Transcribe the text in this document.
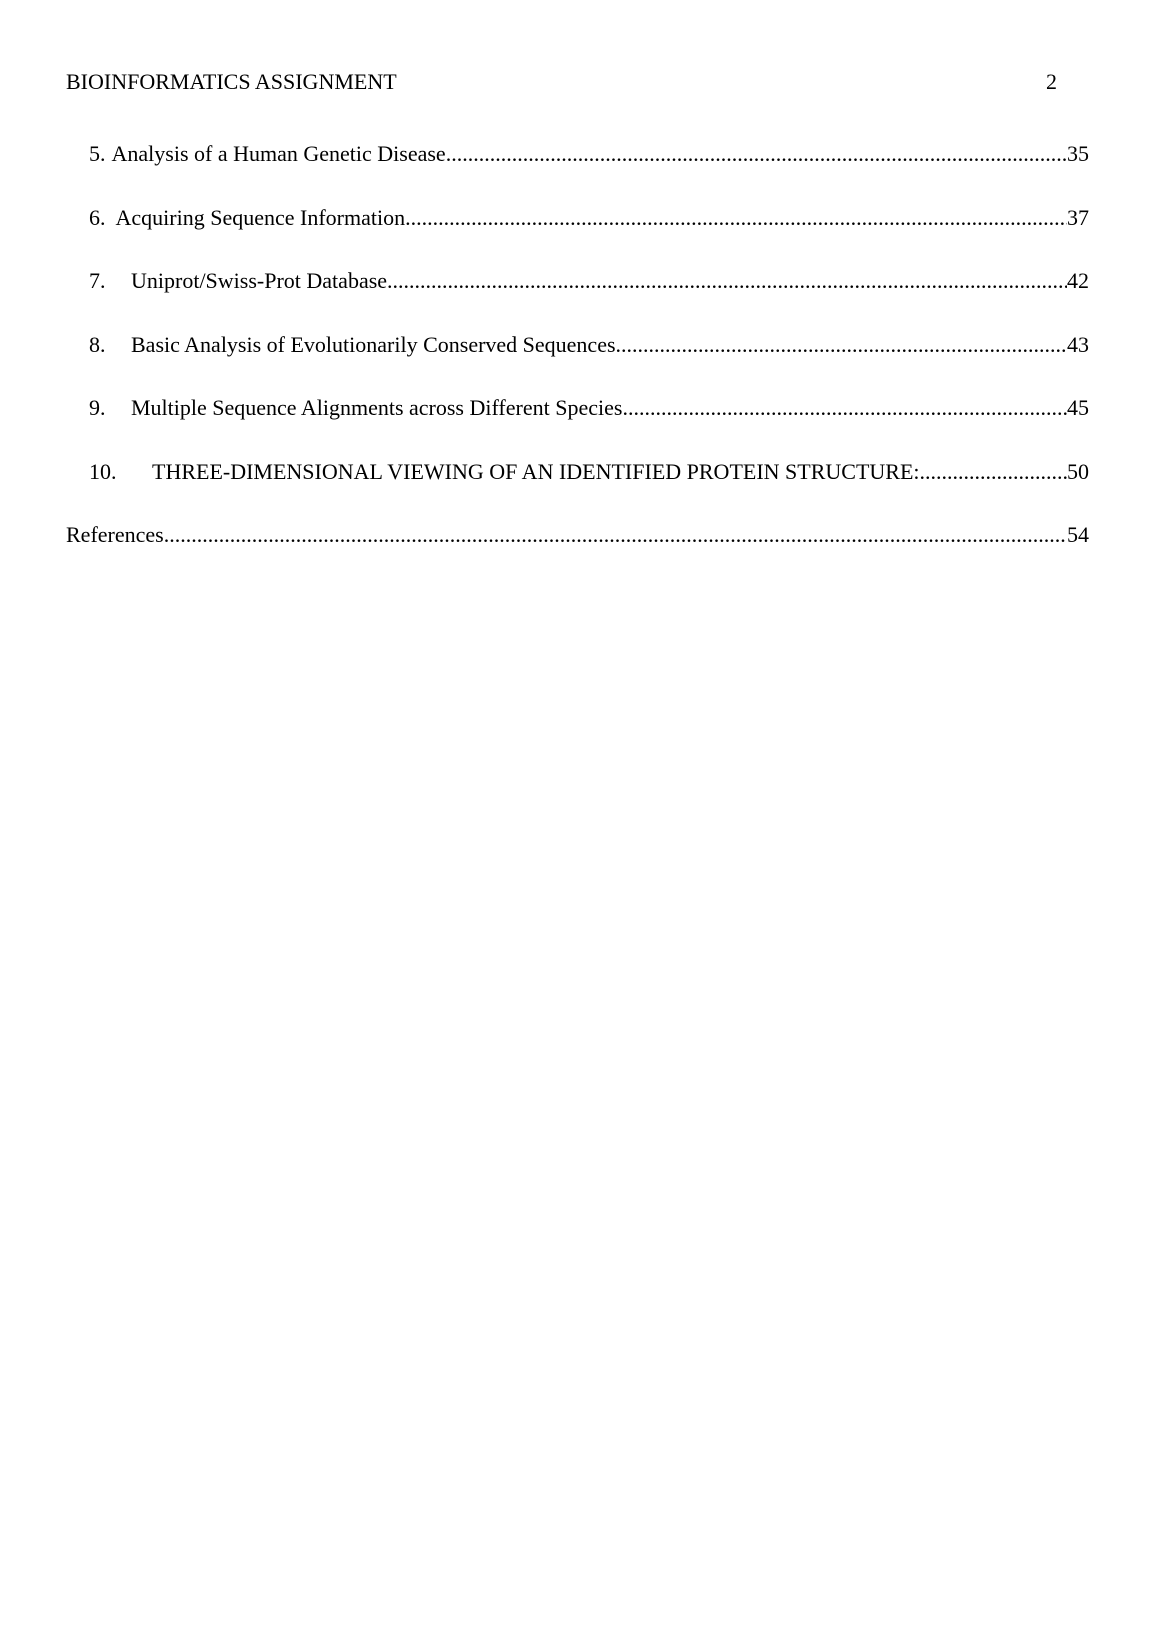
BIOINFORMATICS ASSIGNMENT	2
5. Analysis of a Human Genetic Disease .....	35
6. Acquiring Sequence Information .....	37
7.	Uniprot/Swiss-Prot Database .....	42
8.	Basic Analysis of Evolutionarily Conserved Sequences .....	43
9.	Multiple Sequence Alignments across Different Species .....	45
10.	THREE-DIMENSIONAL VIEWING OF AN IDENTIFIED PROTEIN STRUCTURE: .....	50
References .....	54
